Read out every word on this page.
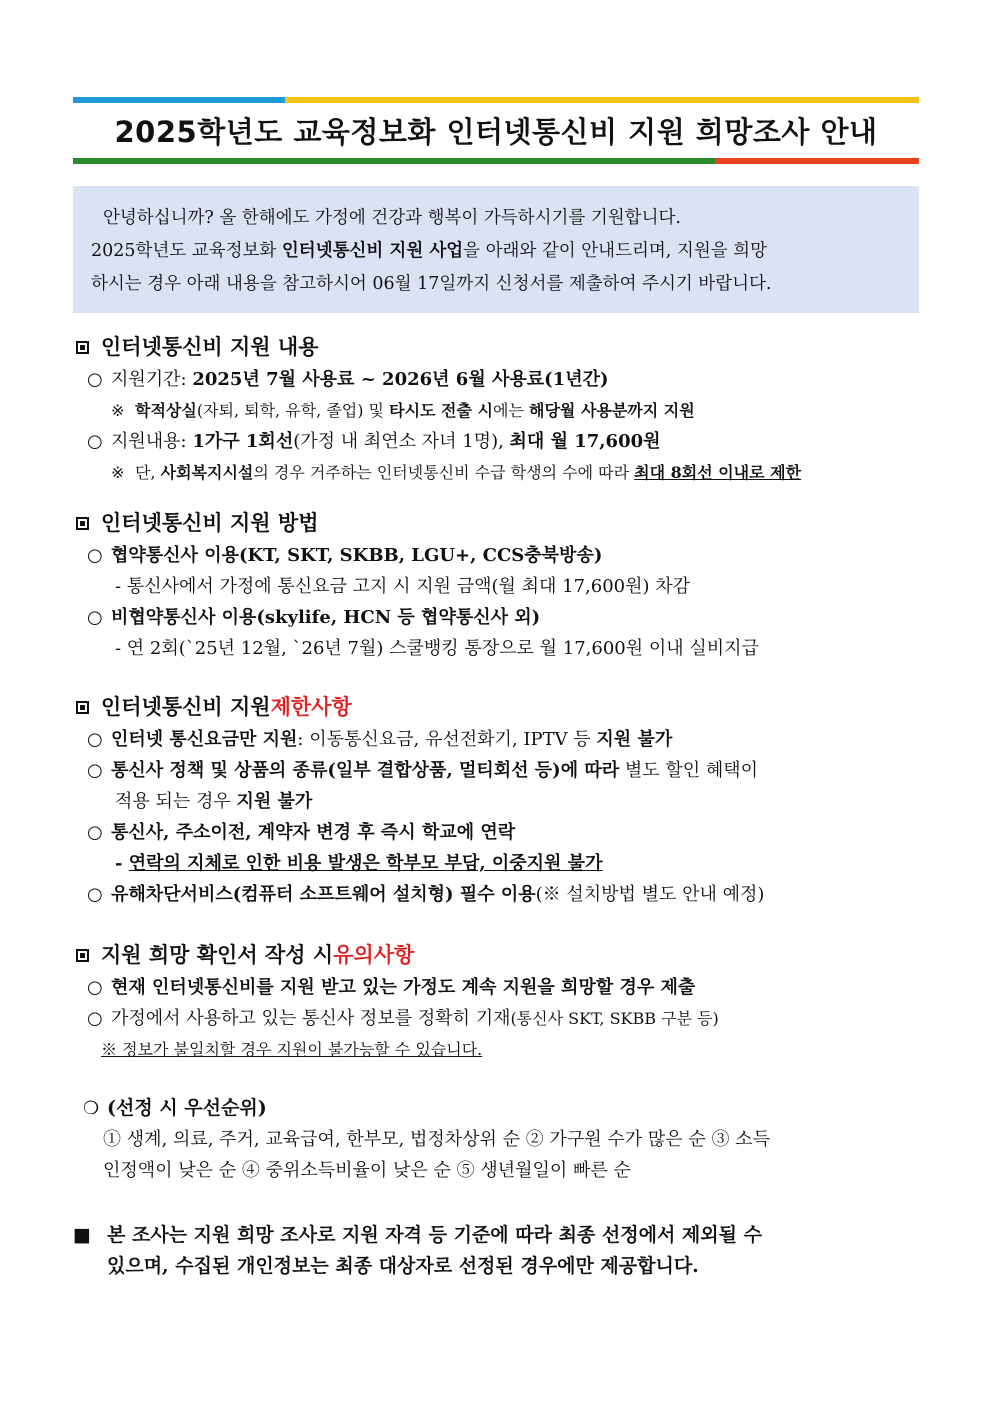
2025학년도 교육정보화 인터넷통신비 지원 희망조사 안내

안녕하십니까? 올 한해에도 가정에 건강과 행복이 가득하시기를 기원합니다.

2025학년도 교육정보화 인터넷통신비 지원 사업을 아래와 같이 안내드리며, 지원을 희망

하시는 경우 아래 내용을 참고하시어 06월 17일까지 신청서를 제출하여 주시기 바랍니다.

인터넷통신비 지원 내용
○ 지원기간: 2025년 7월 사용료 ~ 2026년 6월 사용료(1년간)
※ 학적상실(자퇴, 퇴학, 유학, 졸업) 및 타시도 전출 시에는 해당월 사용분까지 지원
○ 지원내용: 1가구 1회선(가정 내 최연소 자녀 1명), 최대 월 17,600원
※ 단, 사회복지시설의 경우 거주하는 인터넷통신비 수급 학생의 수에 따라 최대 8회선 이내로 제한
인터넷통신비 지원 방법
○ 협약통신사 이용(KT, SKT, SKBB, LGU+, CCS충북방송)
- 통신사에서 가정에 통신요금 고지 시 지원 금액(월 최대 17,600원) 차감
○ 비협약통신사 이용(skylife, HCN 등 협약통신사 외)
- 연 2회(`25년 12월, `26년 7월) 스쿨뱅킹 통장으로 월 17,600원 이내 실비지급
인터넷통신비 지원 제한사항
○ 인터넷 통신요금만 지원: 이동통신요금, 유선전화기, IPTV 등 지원 불가
○ 통신사 정책 및 상품의 종류(일부 결합상품, 멀티회선 등)에 따라 별도 할인 혜택이
적용 되는 경우 지원 불가
○ 통신사, 주소이전, 계약자 변경 후 즉시 학교에 연락
- 연락의 지체로 인한 비용 발생은 학부모 부담, 이중지원 불가
○ 유해차단서비스(컴퓨터 소프트웨어 설치형) 필수 이용(※ 설치방법 별도 안내 예정)
지원 희망 확인서 작성 시 유의사항
○ 현재 인터넷통신비를 지원 받고 있는 가정도 계속 지원을 희망할 경우 제출
○ 가정에서 사용하고 있는 통신사 정보를 정확히 기재(통신사 SKT, SKBB 구분 등)
※ 정보가 불일치할 경우 지원이 불가능할 수 있습니다.
❍ (선정 시 우선순위)
① 생계, 의료, 주거, 교육급여, 한부모, 법정차상위 순 ② 가구원 수가 많은 순 ③ 소득
인정액이 낮은 순 ④ 중위소득비율이 낮은 순 ⑤ 생년월일이 빠른 순
■ 본 조사는 지원 희망 조사로 지원 자격 등 기준에 따라 최종 선정에서 제외될 수
있으며, 수집된 개인정보는 최종 대상자로 선정된 경우에만 제공합니다.
